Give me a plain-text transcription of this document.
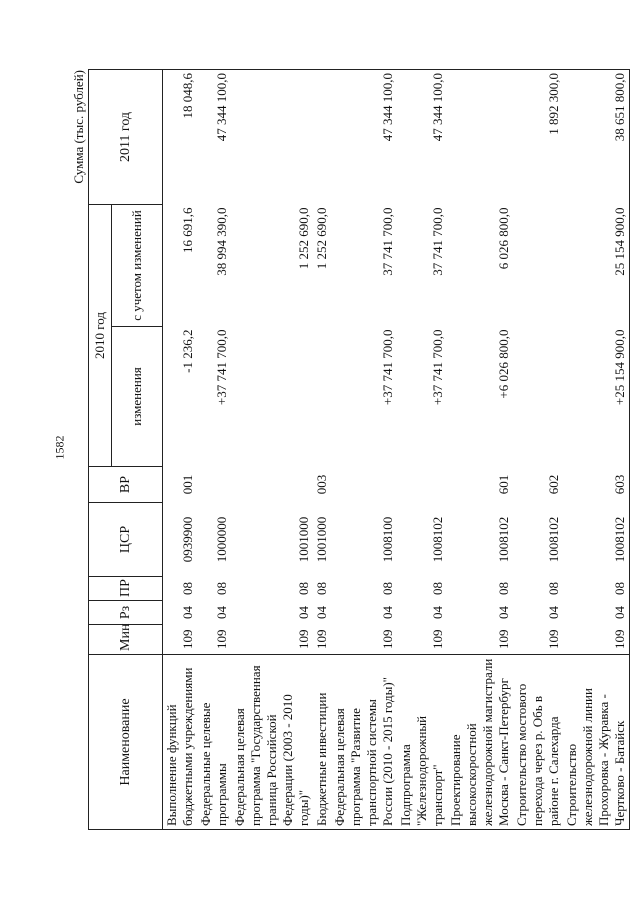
1582
Сумма (тыс. рублей)
Наименование	Мин	Рз	ПР	ЦСР	ВР	2010 год		2011 год
						изменения	с учетом изменений	
Выполнение функций бюджетными учреждениями	109	04	08	0939900	001	-1 236,2	16 691,6	18 048,6
Федеральные целевые программы	109	04	08	1000000		+37 741 700,0	38 994 390,0	47 344 100,0
Федеральная целевая программа "Государственная граница Российской Федерации (2003 - 2010 годы)"	109	04	08	1001000			1 252 690,0	
Бюджетные инвестиции	109	04	08	1001000	003		1 252 690,0	
Федеральная целевая программа "Развитие транспортной системы России (2010 - 2015 годы)"	109	04	08	1008100		+37 741 700,0	37 741 700,0	47 344 100,0
Подпрограмма "Железнодорожный транспорт"	109	04	08	1008102		+37 741 700,0	37 741 700,0	47 344 100,0
Проектирование высокоскоростной железнодорожной магистрали Москва - Санкт-Петербург	109	04	08	1008102	601	+6 026 800,0	6 026 800,0	
Строительство мостового перехода через р. Обь в районе г. Салехарда	109	04	08	1008102	602			1 892 300,0
Строительство железнодорожной линии Прохоровка - Журавка - Чертково - Батайск	109	04	08	1008102	603	+25 154 900,0	25 154 900,0	38 651 800,0
